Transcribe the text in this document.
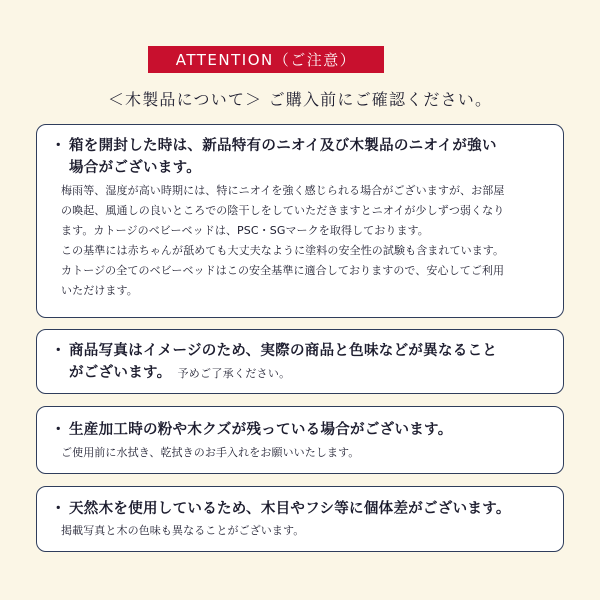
ATTENTION（ご注意）
＜木製品について＞ ご購入前にご確認ください。
・ 箱を開封した時は、新品特有のニオイ及び木製品のニオイが強い
場合がございます。
梅雨等、湿度が高い時期には、特にニオイを強く感じられる場合がございますが、お部屋
の喚起、風通しの良いところでの陰干しをしていただきますとニオイが少しずつ弱くなり
ます。カトージのベビーベッドは、PSC・SGマークを取得しております。
この基準には赤ちゃんが舐めても大丈夫なように塗料の安全性の試験も含まれています。
カトージの全てのベビーベッドはこの安全基準に適合しておりますので、安心してご利用
いただけます。
・ 商品写真はイメージのため、実際の商品と色味などが異なること
がございます。 予めご了承ください。
・ 生産加工時の粉や木クズが残っている場合がございます。
ご使用前に水拭き、乾拭きのお手入れをお願いいたします。
・ 天然木を使用しているため、木目やフシ等に個体差がございます。
掲載写真と木の色味も異なることがございます。
